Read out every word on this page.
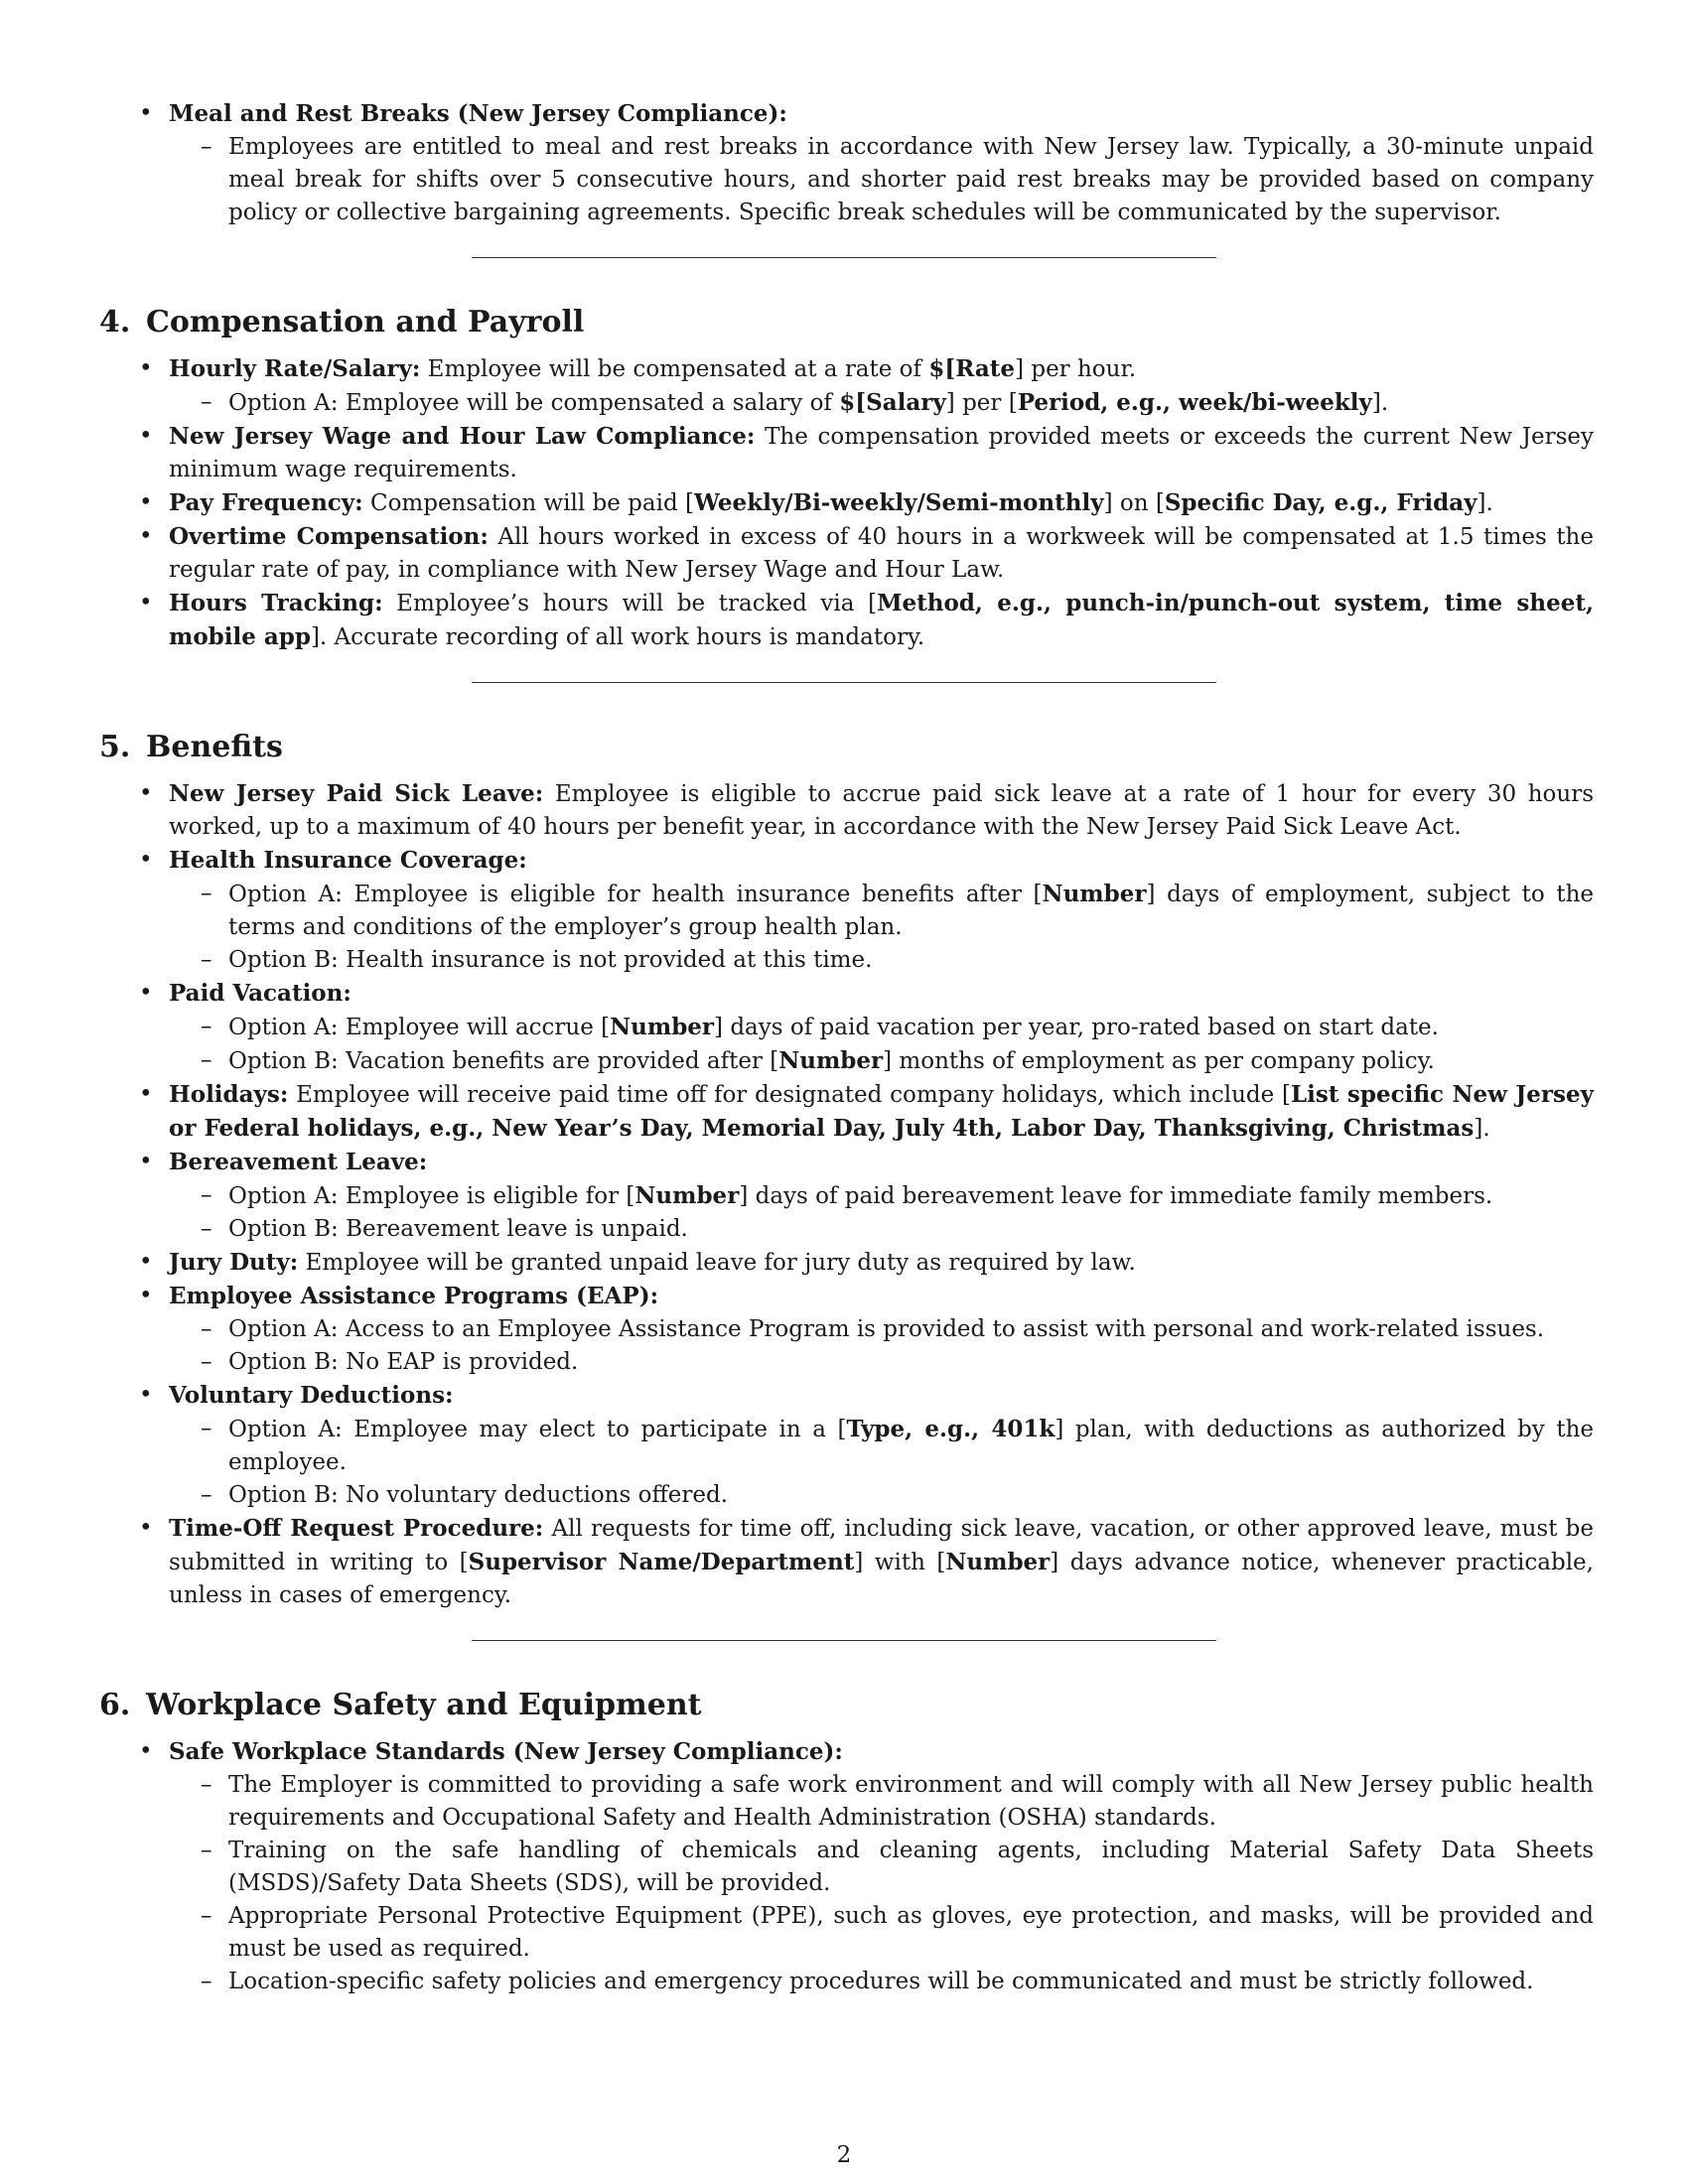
• Meal and Rest Breaks (New Jersey Compliance):
– Employees are entitled to meal and rest breaks in accordance with New Jersey law. Typically, a 30-minute unpaid meal break for shifts over 5 consecutive hours, and shorter paid rest breaks may be provided based on company policy or collective bargaining agreements. Specific break schedules will be communicated by the supervisor.
4. Compensation and Payroll
• Hourly Rate/Salary: Employee will be compensated at a rate of $[Rate] per hour.
– Option A: Employee will be compensated a salary of $[Salary] per [Period, e.g., week/bi-weekly].
• New Jersey Wage and Hour Law Compliance: The compensation provided meets or exceeds the current New Jersey minimum wage requirements.
• Pay Frequency: Compensation will be paid [Weekly/Bi-weekly/Semi-monthly] on [Specific Day, e.g., Friday].
• Overtime Compensation: All hours worked in excess of 40 hours in a workweek will be compensated at 1.5 times the regular rate of pay, in compliance with New Jersey Wage and Hour Law.
• Hours Tracking: Employee’s hours will be tracked via [Method, e.g., punch-in/punch-out system, time sheet, mobile app]. Accurate recording of all work hours is mandatory.
5. Benefits
• New Jersey Paid Sick Leave: Employee is eligible to accrue paid sick leave at a rate of 1 hour for every 30 hours worked, up to a maximum of 40 hours per benefit year, in accordance with the New Jersey Paid Sick Leave Act.
• Health Insurance Coverage:
– Option A: Employee is eligible for health insurance benefits after [Number] days of employment, subject to the terms and conditions of the employer’s group health plan.
– Option B: Health insurance is not provided at this time.
• Paid Vacation:
– Option A: Employee will accrue [Number] days of paid vacation per year, pro-rated based on start date.
– Option B: Vacation benefits are provided after [Number] months of employment as per company policy.
• Holidays: Employee will receive paid time off for designated company holidays, which include [List specific New Jersey or Federal holidays, e.g., New Year’s Day, Memorial Day, July 4th, Labor Day, Thanksgiving, Christmas].
• Bereavement Leave:
– Option A: Employee is eligible for [Number] days of paid bereavement leave for immediate family members.
– Option B: Bereavement leave is unpaid.
• Jury Duty: Employee will be granted unpaid leave for jury duty as required by law.
• Employee Assistance Programs (EAP):
– Option A: Access to an Employee Assistance Program is provided to assist with personal and work-related issues.
– Option B: No EAP is provided.
• Voluntary Deductions:
– Option A: Employee may elect to participate in a [Type, e.g., 401k] plan, with deductions as authorized by the employee.
– Option B: No voluntary deductions offered.
• Time-Off Request Procedure: All requests for time off, including sick leave, vacation, or other approved leave, must be submitted in writing to [Supervisor Name/Department] with [Number] days advance notice, whenever practicable, unless in cases of emergency.
6. Workplace Safety and Equipment
• Safe Workplace Standards (New Jersey Compliance):
– The Employer is committed to providing a safe work environment and will comply with all New Jersey public health requirements and Occupational Safety and Health Administration (OSHA) standards.
– Training on the safe handling of chemicals and cleaning agents, including Material Safety Data Sheets (MSDS)/Safety Data Sheets (SDS), will be provided.
– Appropriate Personal Protective Equipment (PPE), such as gloves, eye protection, and masks, will be provided and must be used as required.
– Location-specific safety policies and emergency procedures will be communicated and must be strictly followed.
2
